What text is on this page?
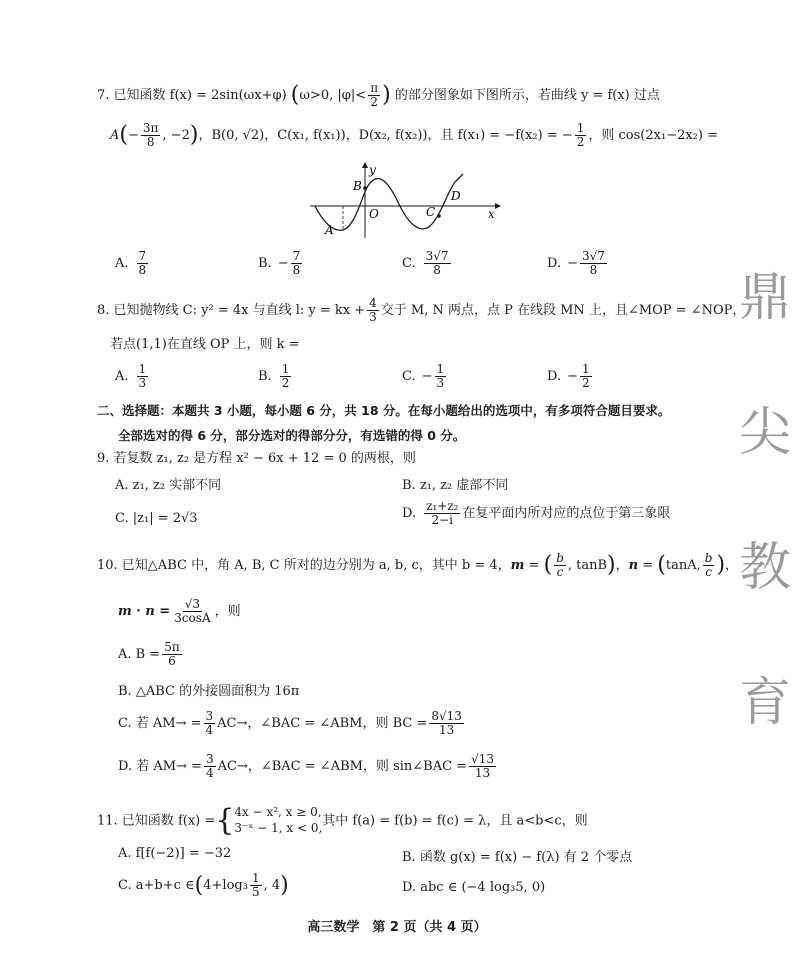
7. 已知函数 f(x) = 2sin(ωx+φ) (ω>0, $|\varphi|< \frac{\pi}{2}$ ) 的部分图象如下图所示，若曲线 y = f(x) 过点
$A(- \frac{3\pi}{8}$ , −2)，B(0, √2)，C(x₁, f(x₁))，D(x₂, f(x₂))，且 f(x₁) = −f(x₂) = − $\frac{1}{2}$ ，则 cos(2x₁−2x₂) =
y
x
O
A
B
C
D
A. $\frac{7}{8}$	B. − $\frac{7}{8}$	C. $\frac{3√7}{8}$	D. − $\frac{3√7}{8}$
8. 已知抛物线 C: y² = 4x 与直线 l: y = kx + $\frac{4}{3}$ 交于 M, N 两点，点 P 在线段 MN 上，且∠MOP = ∠NOP，
若点(1,1)在直线 OP 上，则 k =
A. $\frac{1}{3}$	B. $\frac{1}{2}$	C. − $\frac{1}{3}$	D. − $\frac{1}{2}$
二、选择题：本题共 3 小题，每小题 6 分，共 18 分。在每小题给出的选项中，有多项符合题目要求。
全部选对的得 6 分，部分选对的得部分分，有选错的得 0 分。
9. 若复数 z₁, z₂ 是方程 x² − 6x + 12 = 0 的两根，则
A. z₁, z₂ 实部不同	B. z₁, z₂ 虚部不同
C. |z₁| = 2√3	D. $\frac{\text{z₁+z₂}}{2-i}$ 在复平面内所对应的点位于第三象限
10. 已知△ABC 中，角 A, B, C 所对的边分别为 a, b, c，其中 b = 4，m = ( $\frac{b}{c}$ , tanB)，n = (tanA, $\frac{b}{c}$ )，
$m \cdot n = \frac{√3}{3\cos A}$ ，则
A. $B = \frac{5\pi}{6}$
B. △ABC 的外接圆面积为 16π
C. 若 $AM\to = \frac{3}{4} AC\to$，∠BAC = ∠ABM，则 BC = $\frac{8√13}{13}$
D. 若 $AM\to = \frac{3}{4} AC\to$，∠BAC = ∠ABM，则 sin∠BAC = $\frac{√13}{13}$
11. 已知函数 f(x) ={ 4x − x², x ≥ 0,
3⁻ˣ − 1, x < 0, 其中 f(a) = f(b) = f(c) = λ，且 a<b<c，则
A. f[f(−2)] = −32	B. 函数 g(x) = f(x) − f(λ) 有 2 个零点
C. a+b+c ∈(4+log₃ $\frac{1}{5}$ , 4)	D. abc ∈ (−4 log₃5, 0)
鼎
尖
教
育
高三数学　第 2 页（共 4 页）
